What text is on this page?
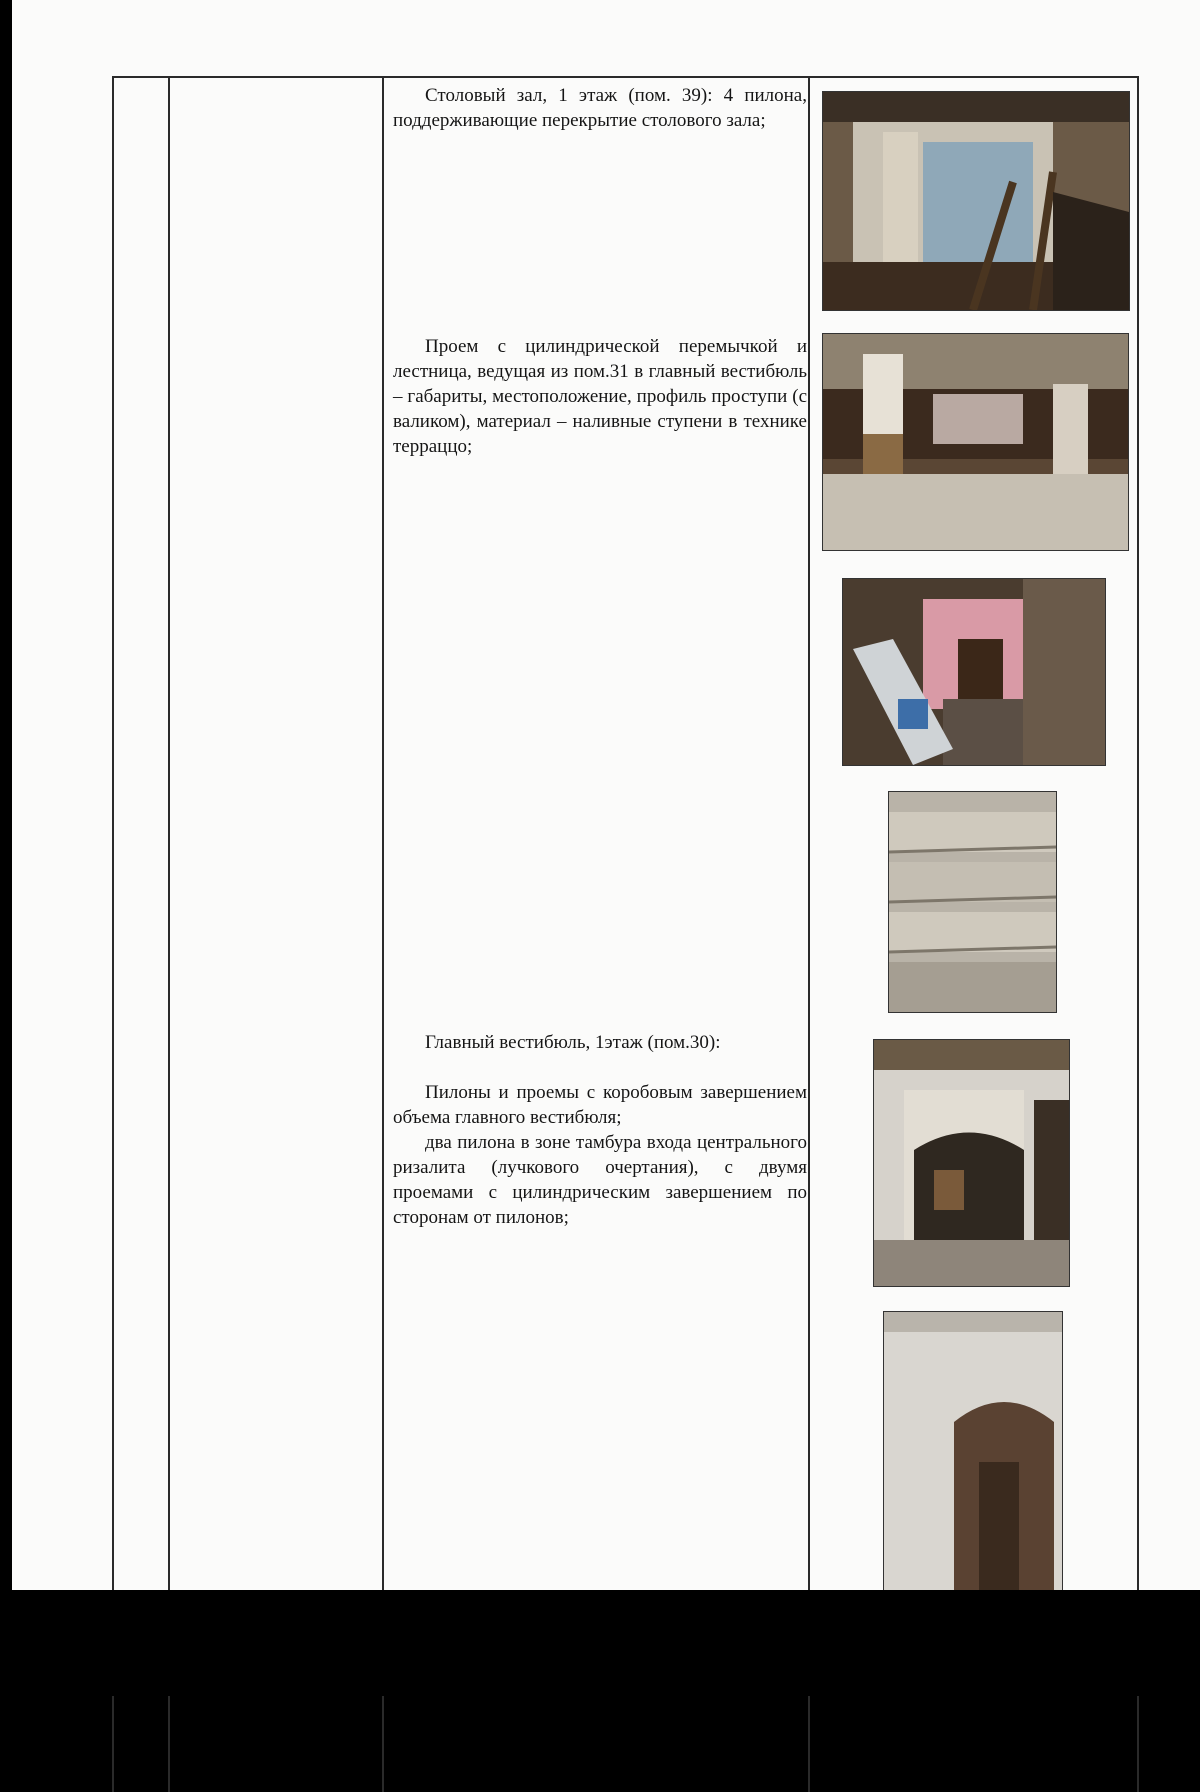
Столовый зал, 1 этаж (пом. 39): 4 пилона, поддерживающие перекрытие столового зала;

Проем с цилиндрической перемычкой и лестница, ведущая из пом.31 в главный вестибюль – габариты, местоположение, профиль проступи (с валиком), материал – наливные ступени в технике терраццо;

Главный вестибюль, 1этаж (пом.30):

Пилоны и проемы с коробовым завершением объема главного вестибюля;

два пилона в зоне тамбура входа центрального ризалита (лучкового очертания), с двумя проемами с цилиндрическим завершением по сторонам от пилонов;
